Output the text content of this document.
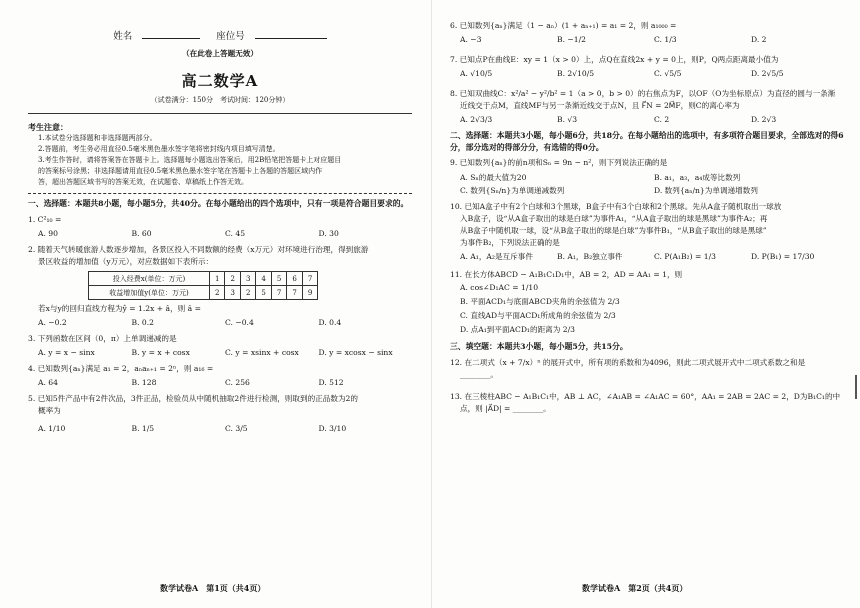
姓名	座位号
（在此卷上答题无效）
高二数学A
（试卷满分：150分　考试时间：120分钟）
考生注意：
1.本试卷分选择题和非选择题两部分。
2.答题前，考生务必用直径0.5毫米黑色墨水签字笔将密封线内项目填写清楚。
3.考生作答时，请将答案答在答题卡上。选择题每小题选出答案后，用2B铅笔把答题卡上对应题目
的答案标号涂黑；非选择题请用直径0.5毫米黑色墨水签字笔在答题卡上各题的答题区域内作
答，超出答题区域书写的答案无效，在试题卷、草稿纸上作答无效。
一、选择题：本题共8小题，每小题5分，共40分。在每小题给出的四个选项中，只有一项是符合题目要求的。
1. C²₁₀ =
A. 90	B. 60	C. 45	D. 30
2. 随着天气转暖旅游人数逐步增加，各景区投入不同数额的经费（x万元）对环境进行治理，得到旅游
景区收益的增加值（y万元），对应数据如下表所示：
投入经费x(单位：万元)	1	2	3	4	5	6	7
收益增加值y(单位：万元)	2	3	2	5	7	7	9
若x与y的回归直线方程为ŷ = 1.2x + â，则 â =
A. −0.2	B. 0.2	C. −0.4	D. 0.4
3. 下列函数在区间（0，π）上单调递减的是
A. y = x − sinx	B. y = x + cosx	C. y = xsinx + cosx	D. y = xcosx − sinx
4. 已知数列{aₙ}满足 a₁ = 2，aₙaₙ₊₁ = 2ⁿ，则 a₁₆ =
A. 64	B. 128	C. 256	D. 512
5. 已知5件产品中有2件次品，3件正品，检验员从中随机抽取2件进行检测，则取到的正品数为2的
概率为
A. 1/10	B. 1/5	C. 3/5	D. 3/10
数学试卷A　第1页（共4页）
6. 已知数列{aₙ}满足（1 − aₙ）(1 + aₙ₊₁) = a₁ = 2，则 a₁₀₀₀ =
A. −3	B. −1/2	C. 1/3	D. 2
7. 已知点P在曲线E：xy = 1（x > 0）上，点Q在直线2x + y = 0上，则P，Q两点距离最小值为
A. √10/5	B. 2√10/5	C. √5/5	D. 2√5/5
8. 已知双曲线C：x²/a² − y²/b² = 1（a > 0，b > 0）的右焦点为F，以OF（O为坐标原点）为直径的圆与一条渐
近线交于点M，直线MF与另一条渐近线交于点N，且 F⃗N = 2M⃗F，则C的离心率为
A. 2√3/3	B. √3	C. 2	D. 2√3
二、选择题：本题共3小题，每小题6分，共18分。在每小题给出的选项中，有多项符合题目要求，全部选对的得6分，部分选对的得部分分，有选错的得0分。
9. 已知数列{aₙ}的前n项和Sₙ = 9n − n²，则下列说法正确的是
A. Sₙ的最大值为20	B. a₁，a₃，a₄成等比数列
C. 数列{Sₙ/n}为单调递减数列	D. 数列{aₙ/n}为单调递增数列
10. 已知A盒子中有2个白球和3个黑球，B盒子中有3个白球和2个黑球。先从A盒子随机取出一球放
入B盒子，设“从A盒子取出的球是白球”为事件A₁，“从A盒子取出的球是黑球”为事件A₂；再
从B盒子中随机取一球，设“从B盒子取出的球是白球”为事件B₁，“从B盒子取出的球是黑球”
为事件B₂，下列说法正确的是
A. A₁，A₂是互斥事件	B. A₁，B₂独立事件	C. P(A₁B₂) = 1/3	D. P(B₁) = 17/30
11. 在长方体ABCD − A₁B₁C₁D₁中，AB = 2，AD = AA₁ = 1，则
A. cos∠D₁AC = 1/10
B. 平面ACD₁与底面ABCD夹角的余弦值为 2/3
C. 直线AD与平面ACD₁所成角的余弦值为 2/3
D. 点A₁到平面ACD₁的距离为 2/3
三、填空题：本题共3小题，每小题5分，共15分。
12. 在二项式（x + 7/x）ⁿ 的展开式中，所有项的系数和为4096，则此二项式展开式中二项式系数之和是
________。
13. 在三棱柱ABC − A₁B₁C₁中，AB ⊥ AC，∠A₁AB = ∠A₁AC = 60°，AA₁ = 2AB = 2AC = 2，D为B₁C₁的中
点，则 |A⃗D| = ________。
数学试卷A　第2页（共4页）
